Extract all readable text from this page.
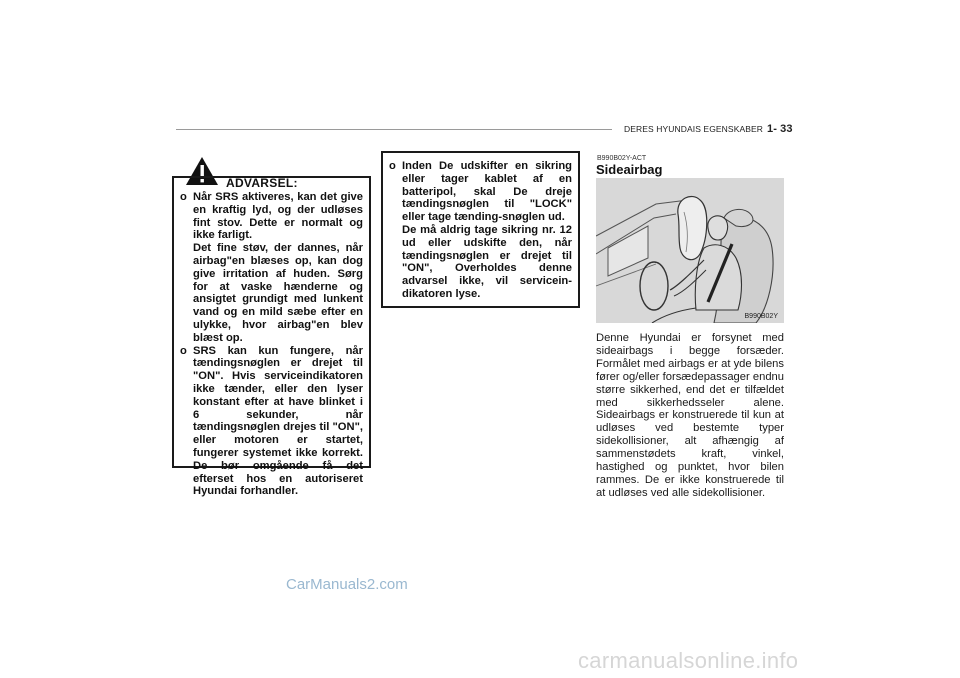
DERES HYUNDAIS EGENSKABER 1- 33
ADVARSEL:
o Når SRS aktiveres, kan det give en kraftig lyd, og der udløses fint stov. Dette er normalt og ikke farligt.
Det fine støv, der dannes, når airbag"en blæses op, kan dog give irritation af huden. Sørg for at vaske hænderne og ansigtet grundigt med lunkent vand og en mild sæbe efter en ulykke, hvor airbag"en blev blæst op.
o SRS kan kun fungere, når tændingsnøglen er drejet til "ON". Hvis serviceindikatoren ikke tænder, eller den lyser konstant efter at have blinket i 6 sekunder, når tændingsnøglen drejes til "ON", eller motoren er startet, fungerer systemet ikke korrekt. De bør omgående få det efterset hos en autoriseret Hyundai forhandler.
o Inden De udskifter en sikring eller tager kablet af en batteripol, skal De dreje tændingsnøglen til "LOCK" eller tage tænding-snøglen ud.
De må aldrig tage sikring nr. 12 ud eller udskifte den, når tændingsnøglen er drejet til "ON", Overholdes denne advarsel ikke, vil servicein-dikatoren lyse.
B990B02Y-ACT
Sideairbag
B990B02Y
Denne Hyundai er forsynet med sideairbags i begge forsæder. Formålet med airbags er at yde bilens fører og/eller forsædepassager endnu større sikkerhed, end det er tilfældet med sikkerhedsseler alene. Sideairbags er konstruerede til kun at udløses ved bestemte typer sidekollisioner, alt afhængig af sammenstødets kraft, vinkel, hastighed og punktet, hvor bilen rammes. De er ikke konstruerede til at udløses ved alle sidekollisioner.
CarManuals2.com
carmanualsonline.info
